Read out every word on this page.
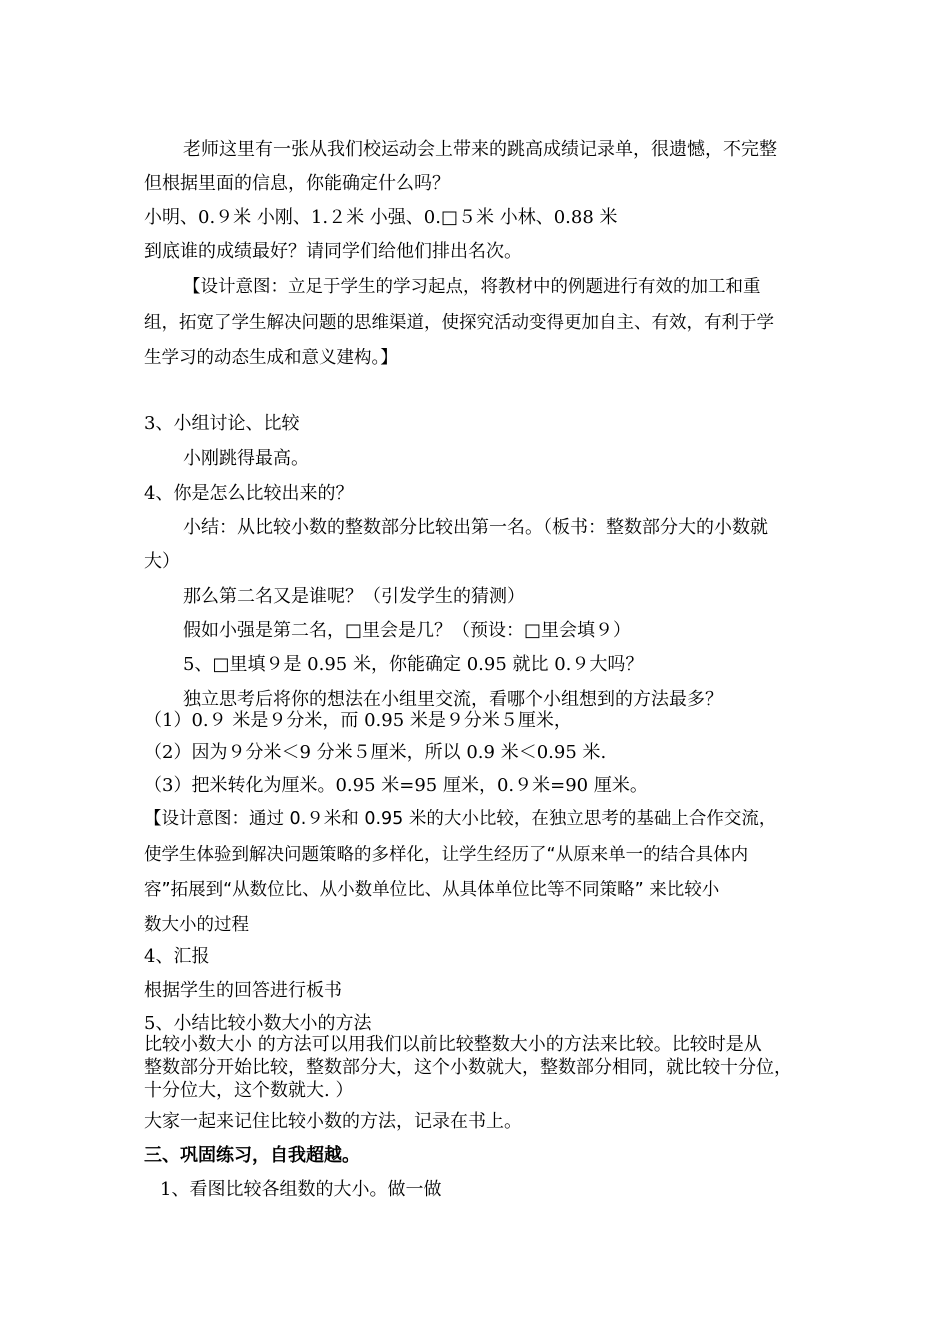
老师这里有一张从我们校运动会上带来的跳高成绩记录单，很遗憾，不完整
但根据里面的信息，你能确定什么吗？
小明、0.９米 小刚、1.２米 小强、0.□５米 小林、0.88 米
到底谁的成绩最好？请同学们给他们排出名次。
【设计意图：立足于学生的学习起点，将教材中的例题进行有效的加工和重
组，拓宽了学生解决问题的思维渠道，使探究活动变得更加自主、有效，有利于学
生学习的动态生成和意义建构。】
3、小组讨论、比较
小刚跳得最高。
4、你是怎么比较出来的？
小结：从比较小数的整数部分比较出第一名。（板书：整数部分大的小数就
大）
那么第二名又是谁呢？（引发学生的猜测）
假如小强是第二名，□里会是几？（预设：□里会填９）
5、□里填９是 0.95 米，你能确定 0.95 就比 0.９大吗？
独立思考后将你的想法在小组里交流，看哪个小组想到的方法最多？
（1）0.９ 米是９分米，而 0.95 米是９分米５厘米，
（2）因为９分米＜9 分米５厘米，所以 0.9 米＜0.95 米.
（3）把米转化为厘米。0.95 米=95 厘米，0.９米=90 厘米。
【设计意图：通过 0.９米和 0.95 米的大小比较，在独立思考的基础上合作交流，
使学生体验到解决问题策略的多样化，让学生经历了“从原来单一的结合具体内
容”拓展到“从数位比、从小数单位比、从具体单位比等不同策略” 来比较小
数大小的过程
4、汇报
根据学生的回答进行板书
5、小结比较小数大小的方法
比较小数大小 的方法可以用我们以前比较整数大小的方法来比较。比较时是从
整数部分开始比较，整数部分大，这个小数就大，整数部分相同，就比较十分位，
十分位大，这个数就大. ）
大家一起来记住比较小数的方法，记录在书上。
三、巩固练习，自我超越。
1、看图比较各组数的大小。做一做
